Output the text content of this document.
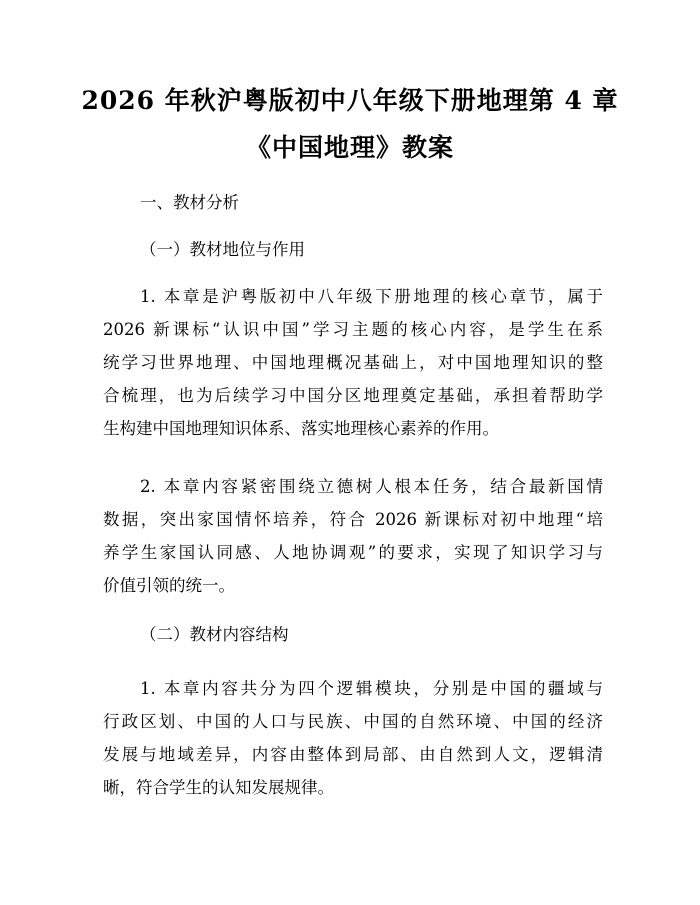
2026 年秋沪粤版初中八年级下册地理第 4 章
《中国地理》教案
一、教材分析
（一）教材地位与作用
1. 本章是沪粤版初中八年级下册地理的核心章节，属于
2026 新课标“认识中国”学习主题的核心内容，是学生在系
统学习世界地理、中国地理概况基础上，对中国地理知识的整
合梳理，也为后续学习中国分区地理奠定基础，承担着帮助学
生构建中国地理知识体系、落实地理核心素养的作用。
2. 本章内容紧密围绕立德树人根本任务，结合最新国情
数据，突出家国情怀培养，符合 2026 新课标对初中地理“培
养学生家国认同感、人地协调观”的要求，实现了知识学习与
价值引领的统一。
（二）教材内容结构
1. 本章内容共分为四个逻辑模块，分别是中国的疆域与
行政区划、中国的人口与民族、中国的自然环境、中国的经济
发展与地域差异，内容由整体到局部、由自然到人文，逻辑清
晰，符合学生的认知发展规律。
